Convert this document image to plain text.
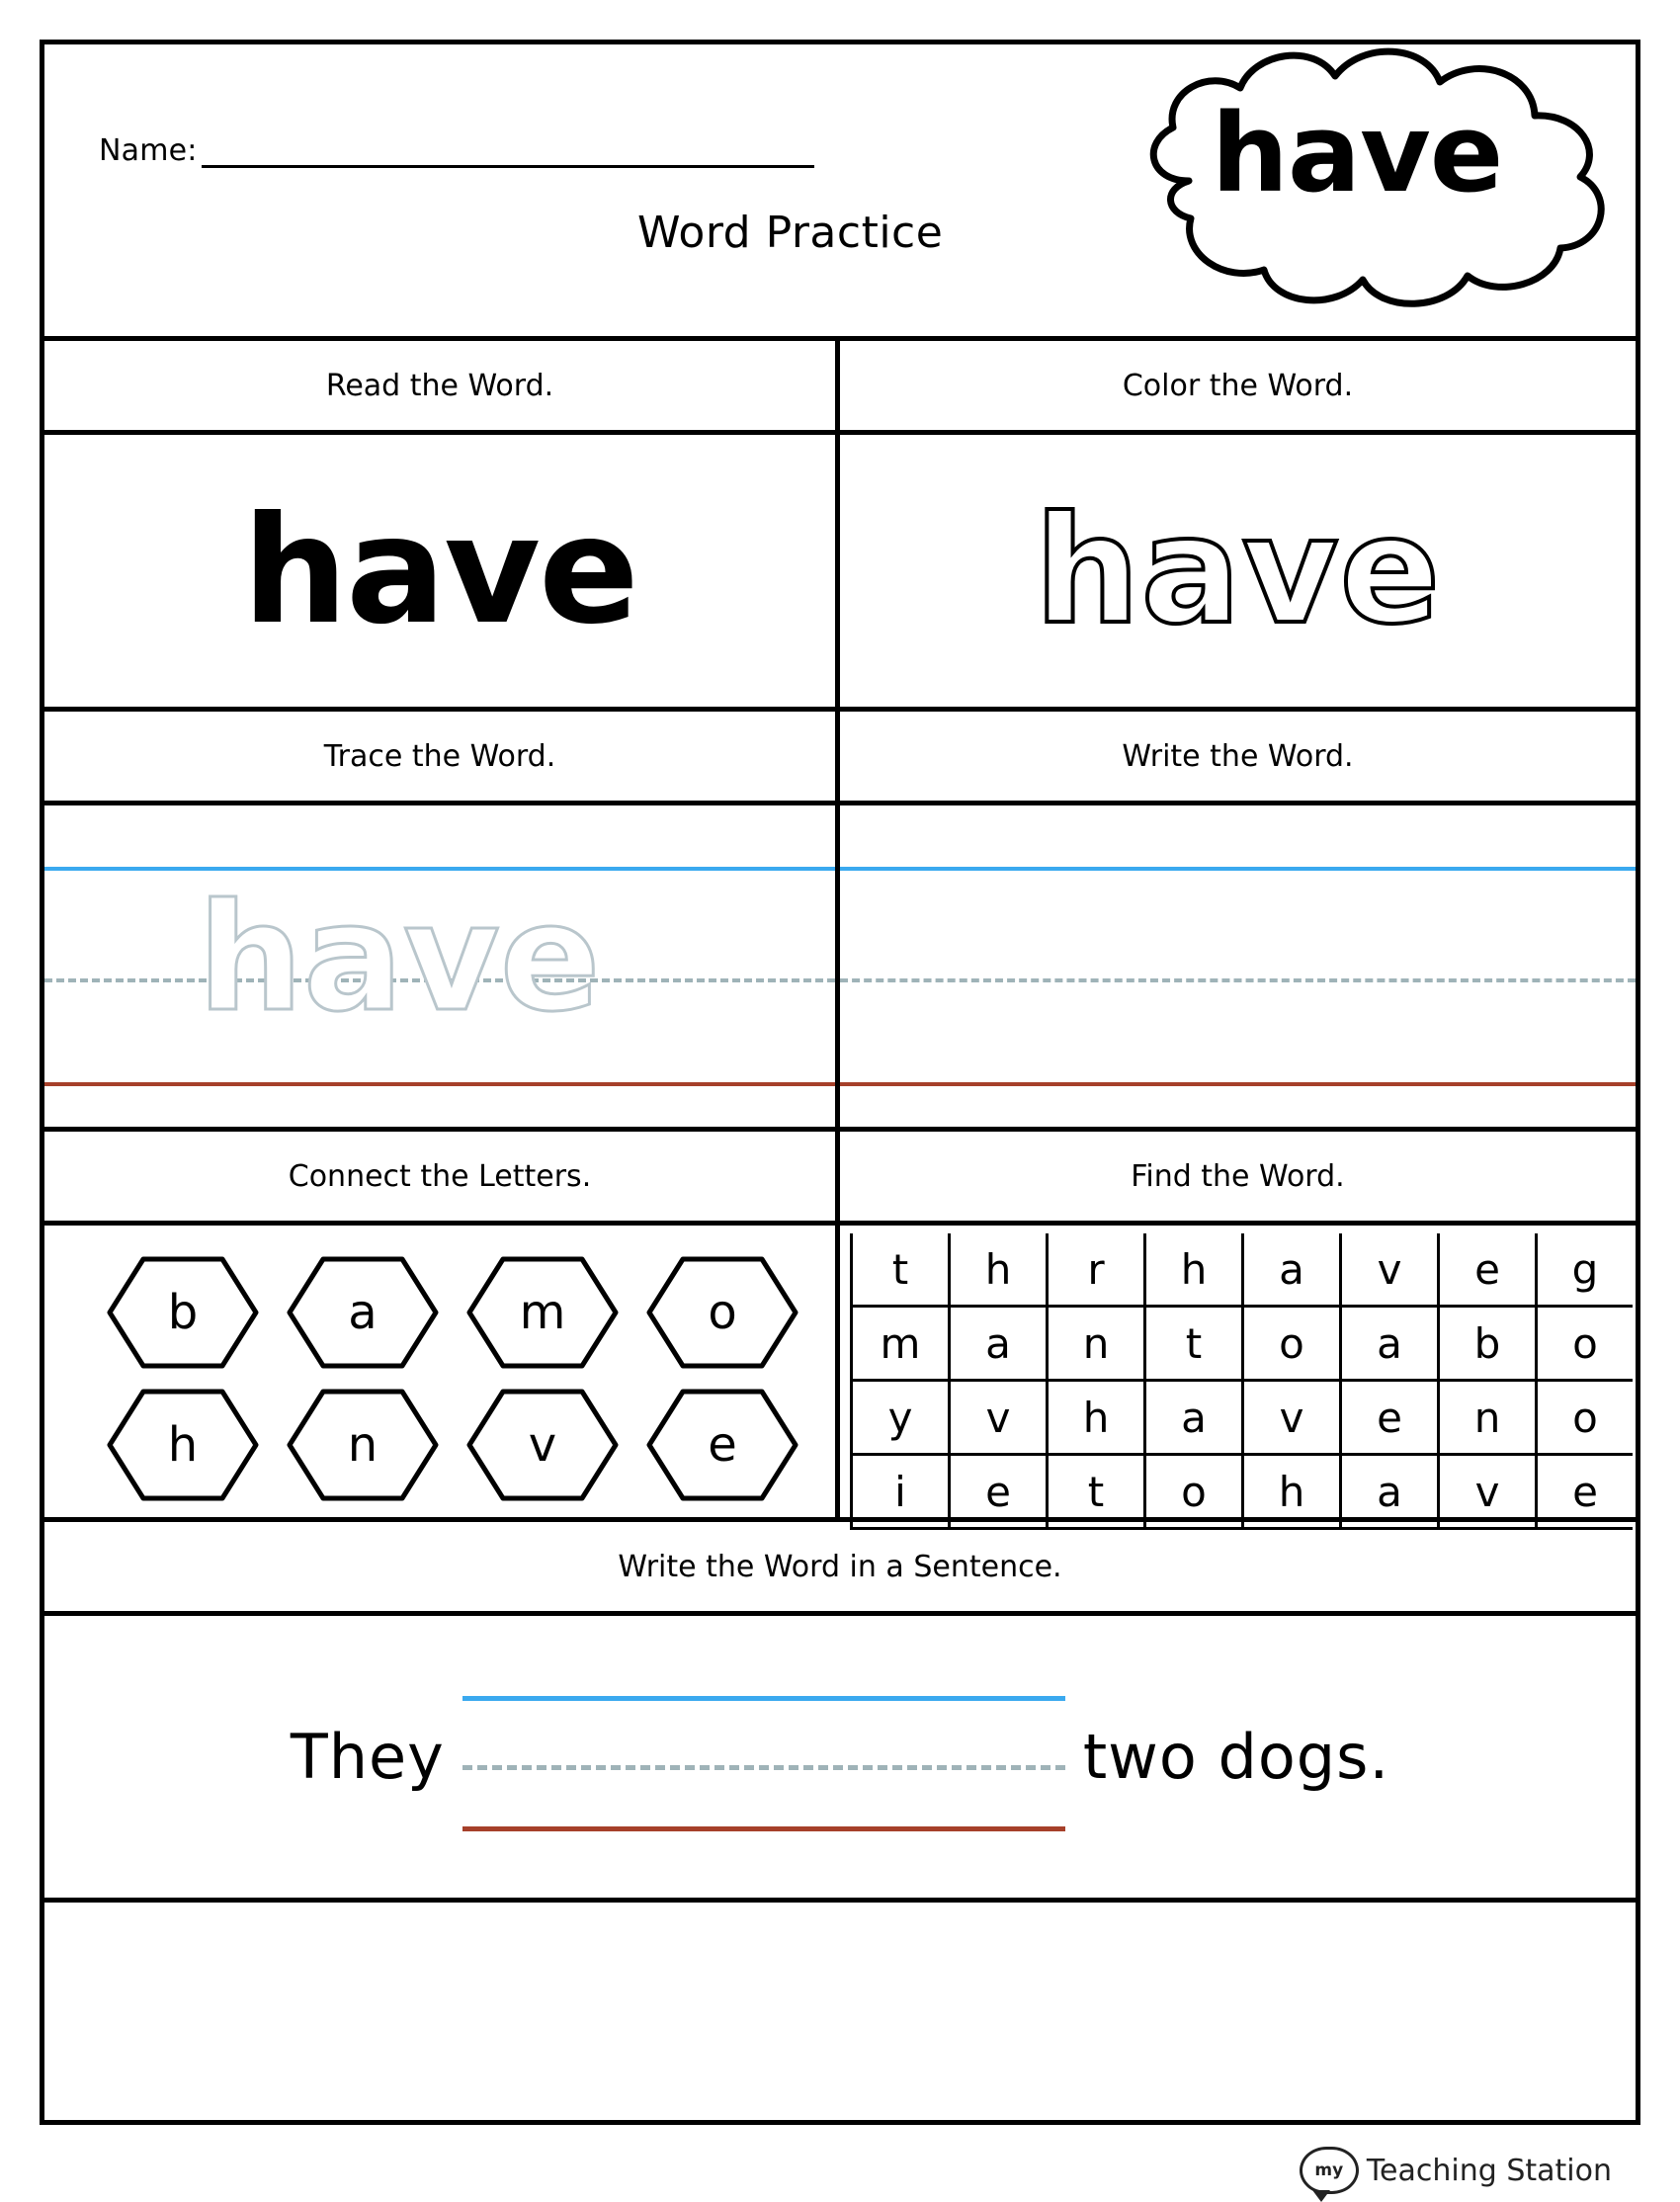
Name:
Word Practice
have
Read the Word.	Color the Word.
have	have
Trace the Word.	Write the Word.
have
Connect the Letters.	Find the Word.
b	a	m	o
h	n	v	e
t	h	r	h	a	v	e	g
m	a	n	t	o	a	b	o
y	v	h	a	v	e	n	o
i	e	t	o	h	a	v	e
Write the Word in a Sentence.
They	two dogs.
my Teaching Station
